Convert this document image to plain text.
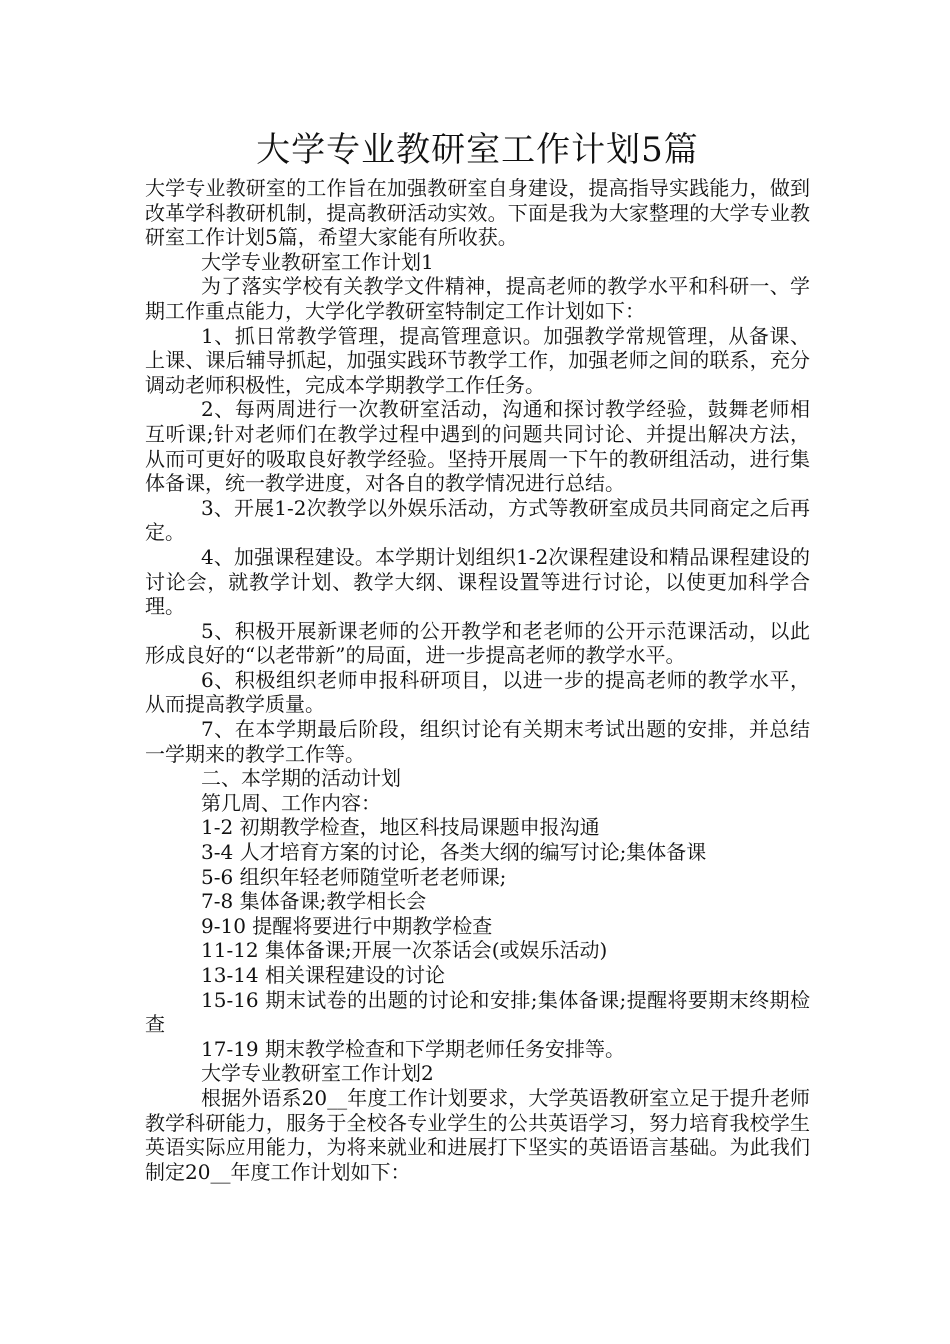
大学专业教研室工作计划5篇

大学专业教研室的工作旨在加强教研室自身建设，提高指导实践能力，做到改革学科教研机制，提高教研活动实效。下面是我为大家整理的大学专业教研室工作计划5篇，希望大家能有所收获。

大学专业教研室工作计划1

为了落实学校有关教学文件精神，提高老师的教学水平和科研一、学期工作重点能力，大学化学教研室特制定工作计划如下：

1、抓日常教学管理，提高管理意识。加强教学常规管理，从备课、上课、课后辅导抓起，加强实践环节教学工作，加强老师之间的联系，充分调动老师积极性，完成本学期教学工作任务。

2、每两周进行一次教研室活动，沟通和探讨教学经验，鼓舞老师相互听课;针对老师们在教学过程中遇到的问题共同讨论、并提出解决方法，从而可更好的吸取良好教学经验。坚持开展周一下午的教研组活动，进行集体备课，统一教学进度，对各自的教学情况进行总结。

3、开展1-2次教学以外娱乐活动，方式等教研室成员共同商定之后再定。

4、加强课程建设。本学期计划组织1-2次课程建设和精品课程建设的讨论会，就教学计划、教学大纲、课程设置等进行讨论，以使更加科学合理。

5、积极开展新课老师的公开教学和老老师的公开示范课活动，以此形成良好的“以老带新”的局面，进一步提高老师的教学水平。

6、积极组织老师申报科研项目，以进一步的提高老师的教学水平，从而提高教学质量。

7、在本学期最后阶段，组织讨论有关期末考试出题的安排，并总结一学期来的教学工作等。

二、本学期的活动计划

第几周、工作内容：

1-2 初期教学检查，地区科技局课题申报沟通

3-4 人才培育方案的讨论，各类大纲的编写讨论;集体备课

5-6 组织年轻老师随堂听老老师课;

7-8 集体备课;教学相长会

9-10 提醒将要进行中期教学检查

11-12 集体备课;开展一次茶话会(或娱乐活动)

13-14 相关课程建设的讨论

15-16 期末试卷的出题的讨论和安排;集体备课;提醒将要期末终期检查

17-19 期末教学检查和下学期老师任务安排等。

大学专业教研室工作计划2

根据外语系20__年度工作计划要求，大学英语教研室立足于提升老师教学科研能力，服务于全校各专业学生的公共英语学习，努力培育我校学生英语实际应用能力，为将来就业和进展打下坚实的英语语言基础。为此我们制定20__年度工作计划如下：
